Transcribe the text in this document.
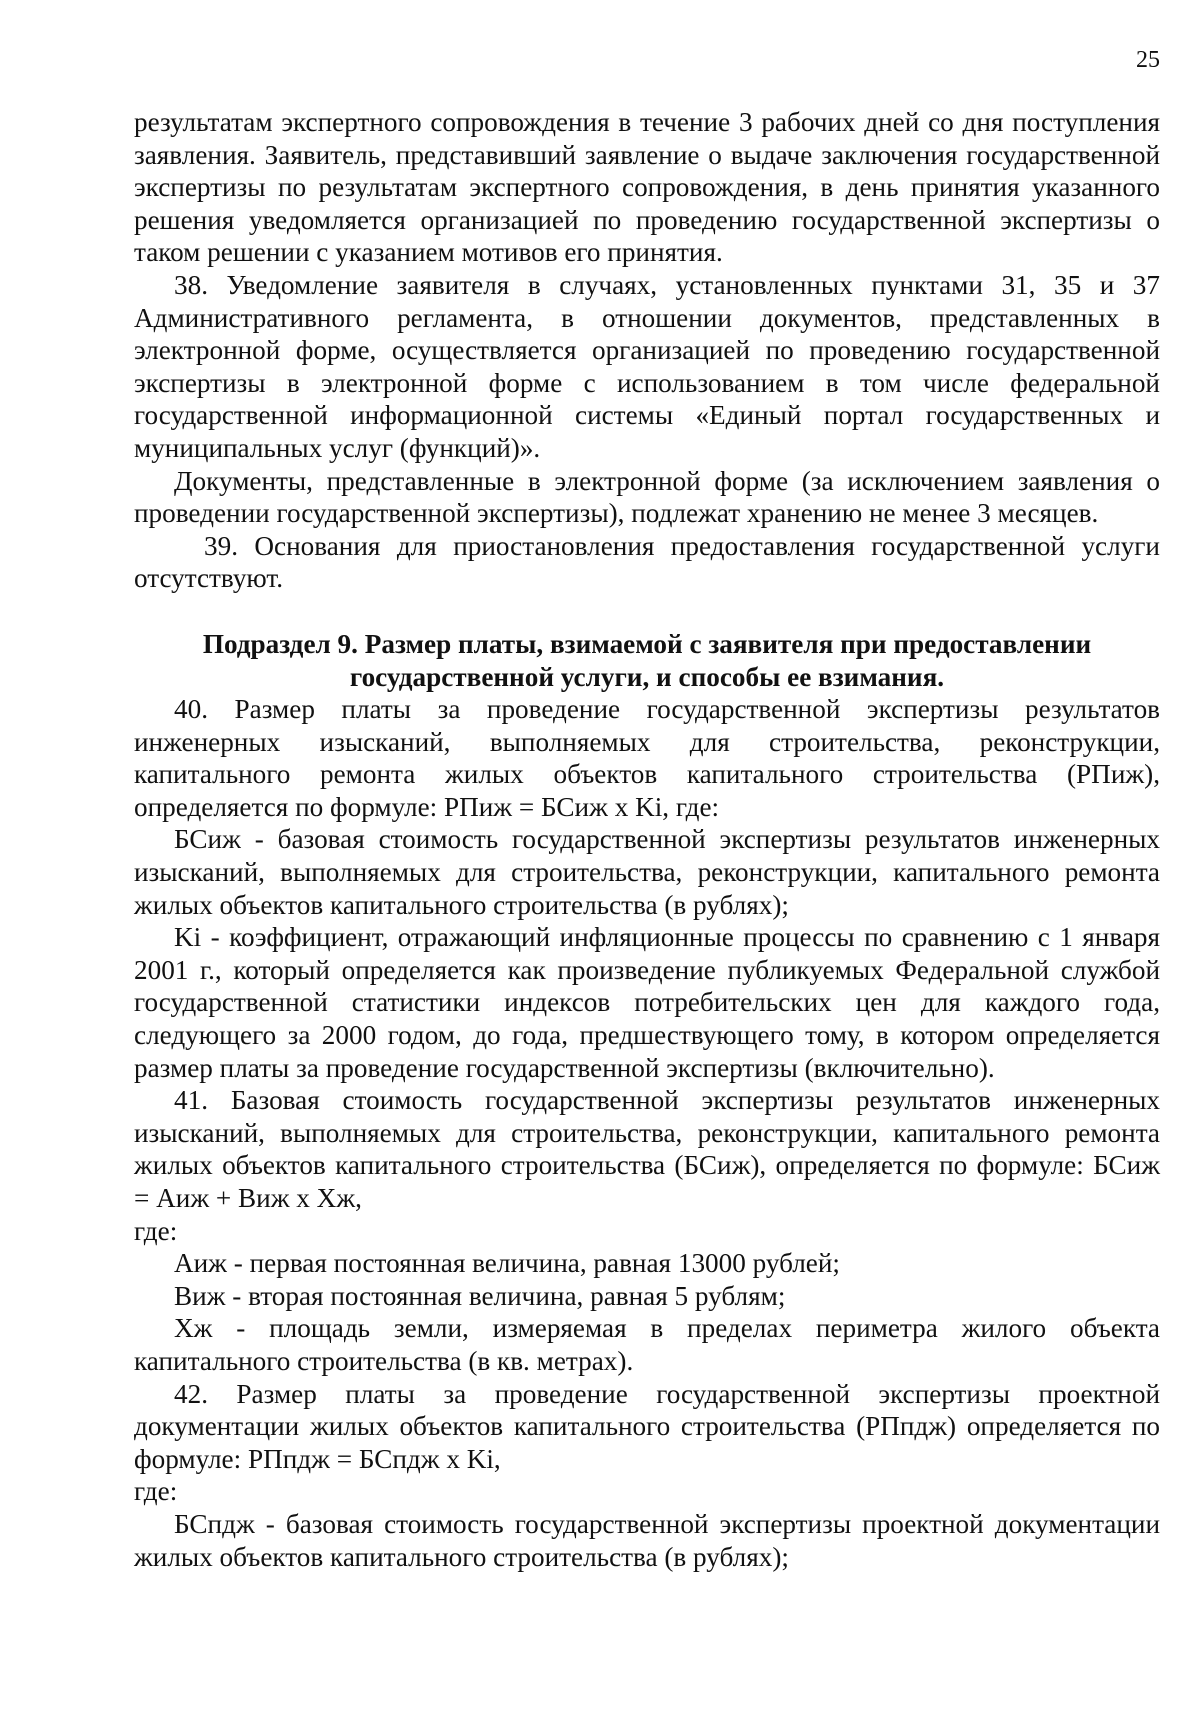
25

результатам экспертного сопровождения в течение 3 рабочих дней со дня поступления заявления. Заявитель, представивший заявление о выдаче заключения государственной экспертизы по результатам экспертного сопровождения, в день принятия указанного решения уведомляется организацией по проведению государственной экспертизы о таком решении с указанием мотивов его принятия.

38. Уведомление заявителя в случаях, установленных пунктами 31, 35 и 37 Административного регламента, в отношении документов, представленных в электронной форме, осуществляется организацией по проведению государственной экспертизы в электронной форме с использованием в том числе федеральной государственной информационной системы «Единый портал государственных и муниципальных услуг (функций)».

Документы, представленные в электронной форме (за исключением заявления о проведении государственной экспертизы), подлежат хранению не менее 3 месяцев.

39. Основания для приостановления предоставления государственной услуги отсутствуют.

Подраздел 9. Размер платы, взимаемой с заявителя при предоставлении государственной услуги, и способы ее взимания.

40. Размер платы за проведение государственной экспертизы результатов инженерных изысканий, выполняемых для строительства, реконструкции, капитального ремонта жилых объектов капитального строительства (РПиж), определяется по формуле: РПиж = БСиж х Ki, где:

БСиж - базовая стоимость государственной экспертизы результатов инженерных изысканий, выполняемых для строительства, реконструкции, капитального ремонта жилых объектов капитального строительства (в рублях);

Ki - коэффициент, отражающий инфляционные процессы по сравнению с 1 января 2001 г., который определяется как произведение публикуемых Федеральной службой государственной статистики индексов потребительских цен для каждого года, следующего за 2000 годом, до года, предшествующего тому, в котором определяется размер платы за проведение государственной экспертизы (включительно).

41. Базовая стоимость государственной экспертизы результатов инженерных изысканий, выполняемых для строительства, реконструкции, капитального ремонта жилых объектов капитального строительства (БСиж), определяется по формуле: БСиж = Аиж + Виж х Хж,

где:

Аиж - первая постоянная величина, равная 13000 рублей;

Виж - вторая постоянная величина, равная 5 рублям;

Хж - площадь земли, измеряемая в пределах периметра жилого объекта капитального строительства (в кв. метрах).

42. Размер платы за проведение государственной экспертизы проектной документации жилых объектов капитального строительства (РПпдж) определяется по формуле: РПпдж = БСпдж х Ki,

где:

БСпдж - базовая стоимость государственной экспертизы проектной документации жилых объектов капитального строительства (в рублях);
